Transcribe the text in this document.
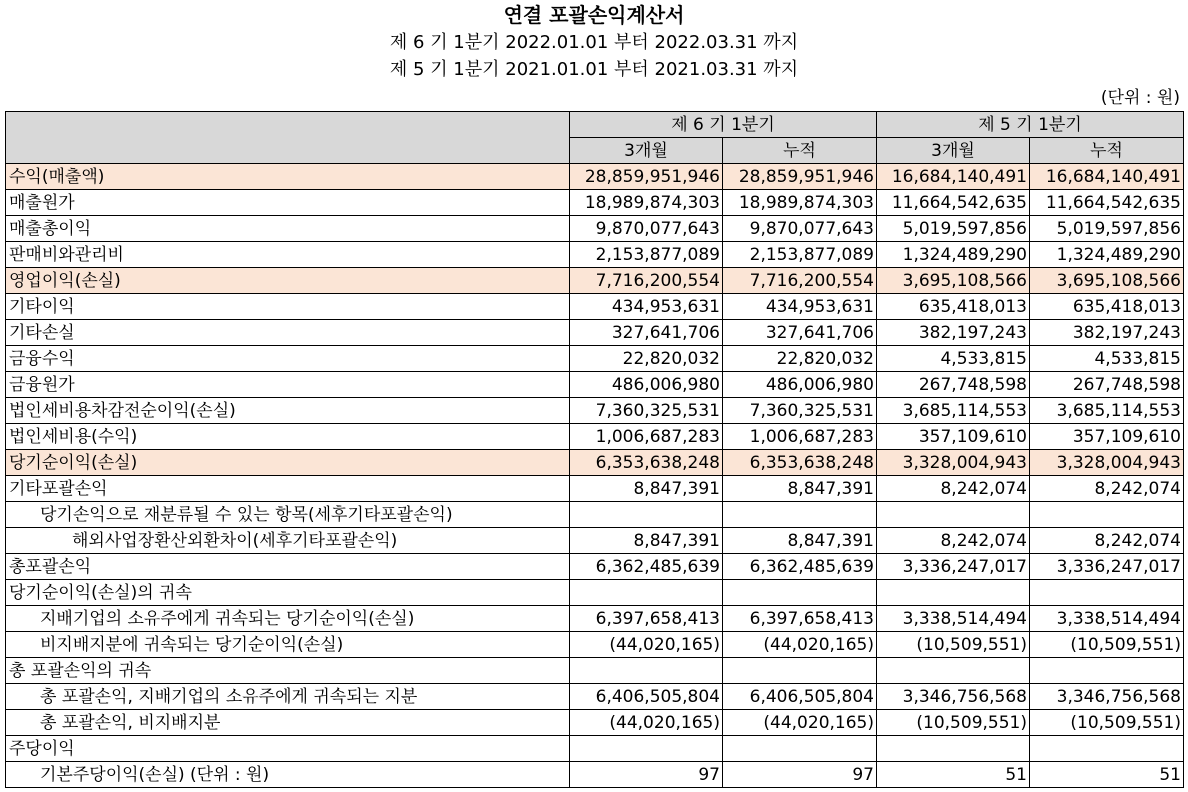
연결 포괄손익계산서
제 6 기 1분기 2022.01.01 부터 2022.03.31 까지
제 5 기 1분기 2021.01.01 부터 2021.03.31 까지
(단위 : 원)
	제 6 기 1분기		제 5 기 1분기	
	3개월	누적	3개월	누적
수익(매출액)	28,859,951,946	28,859,951,946	16,684,140,491	16,684,140,491
매출원가	18,989,874,303	18,989,874,303	11,664,542,635	11,664,542,635
매출총이익	9,870,077,643	9,870,077,643	5,019,597,856	5,019,597,856
판매비와관리비	2,153,877,089	2,153,877,089	1,324,489,290	1,324,489,290
영업이익(손실)	7,716,200,554	7,716,200,554	3,695,108,566	3,695,108,566
기타이익	434,953,631	434,953,631	635,418,013	635,418,013
기타손실	327,641,706	327,641,706	382,197,243	382,197,243
금융수익	22,820,032	22,820,032	4,533,815	4,533,815
금융원가	486,006,980	486,006,980	267,748,598	267,748,598
법인세비용차감전순이익(손실)	7,360,325,531	7,360,325,531	3,685,114,553	3,685,114,553
법인세비용(수익)	1,006,687,283	1,006,687,283	357,109,610	357,109,610
당기순이익(손실)	6,353,638,248	6,353,638,248	3,328,004,943	3,328,004,943
기타포괄손익	8,847,391	8,847,391	8,242,074	8,242,074
당기손익으로 재분류될 수 있는 항목(세후기타포괄손익)				
해외사업장환산외환차이(세후기타포괄손익)	8,847,391	8,847,391	8,242,074	8,242,074
총포괄손익	6,362,485,639	6,362,485,639	3,336,247,017	3,336,247,017
당기순이익(손실)의 귀속				
지배기업의 소유주에게 귀속되는 당기순이익(손실)	6,397,658,413	6,397,658,413	3,338,514,494	3,338,514,494
비지배지분에 귀속되는 당기순이익(손실)	(44,020,165)	(44,020,165)	(10,509,551)	(10,509,551)
총 포괄손익의 귀속				
총 포괄손익, 지배기업의 소유주에게 귀속되는 지분	6,406,505,804	6,406,505,804	3,346,756,568	3,346,756,568
총 포괄손익, 비지배지분	(44,020,165)	(44,020,165)	(10,509,551)	(10,509,551)
주당이익				
기본주당이익(손실) (단위 : 원)	97	97	51	51
